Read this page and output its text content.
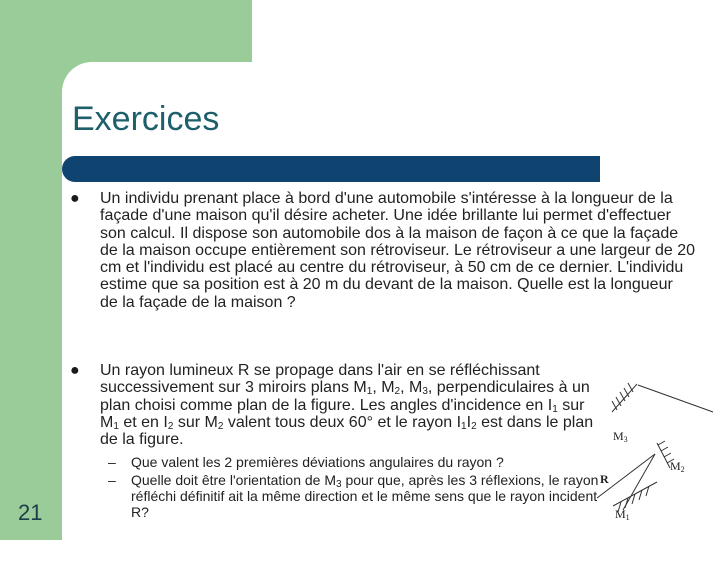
Exercices
● Un individu prenant place à bord d'une automobile s'intéresse à la longueur de la façade d'une maison qu'il désire acheter. Une idée brillante lui permet d'effectuer son calcul. Il dispose son automobile dos à la maison de façon à ce que la façade de la maison occupe entièrement son rétroviseur. Le rétroviseur a une largeur de 20 cm et l'individu est placé au centre du rétroviseur, à 50 cm de ce dernier. L'individu estime que sa position est à 20 m du devant de la maison. Quelle est la longueur de la façade de la maison ?
● Un rayon lumineux R se propage dans l'air en se réfléchissant successivement sur 3 miroirs plans $M_1$, $M_2$, $M_3$, perpendiculaires à un plan choisi comme plan de la figure. Les angles d'incidence en $I_1$ sur $M_1$ et en $I_2$ sur $M_2$ valent tous deux 60° et le rayon $I_1I_2$ est dans le plan de la figure.
– Que valent les 2 premières déviations angulaires du rayon ?
– Quelle doit être l'orientation de $M_3$ pour que, après les 3 réflexions, le rayon réfléchi définitif ait la même direction et le même sens que le rayon incident R?
21
$M_3$
$M_2$
$M_1$
R
